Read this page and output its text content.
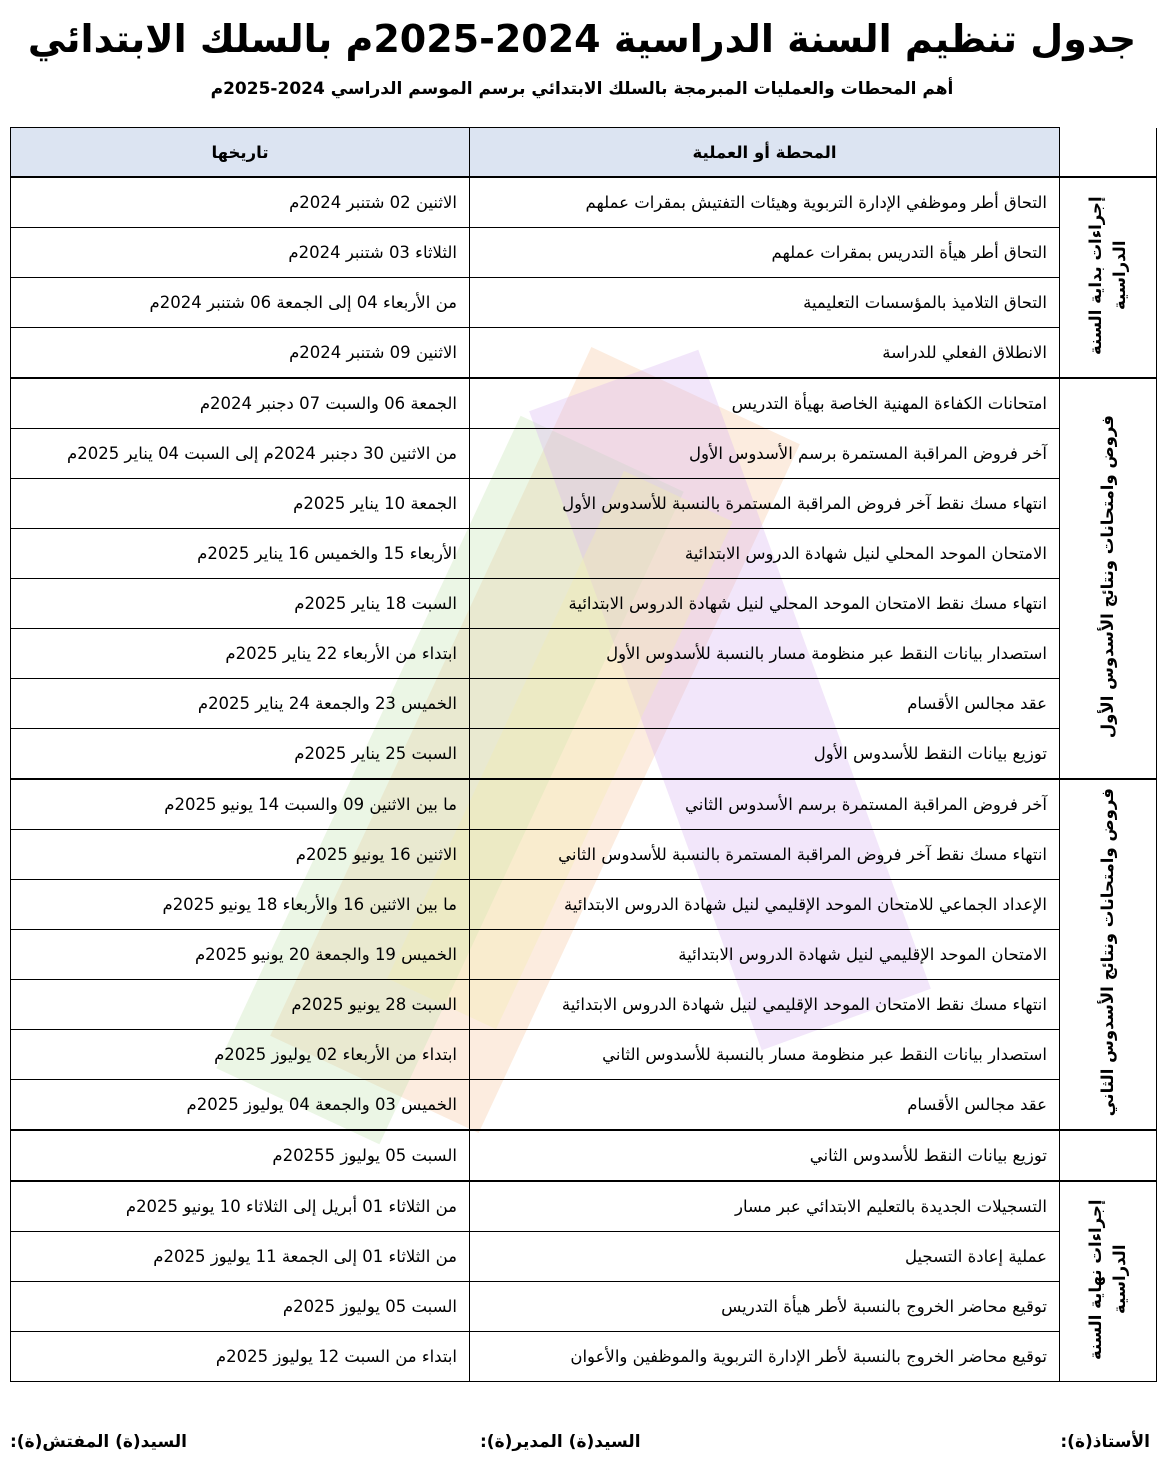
جدول تنظيم السنة الدراسية 2024-2025م بالسلك الابتدائي
أهم المحطات والعمليات المبرمجة بالسلك الابتدائي برسم الموسم الدراسي 2024-2025م
	المحطة أو العملية	تاريخها
إجراءات بداية السنة الدراسية	التحاق أطر وموظفي الإدارة التربوية وهيئات التفتيش بمقرات عملهم	الاثنين 02 شتنبر 2024م
	التحاق أطر هيأة التدريس بمقرات عملهم	الثلاثاء 03 شتنبر 2024م
	التحاق التلاميذ بالمؤسسات التعليمية	من الأربعاء 04 إلى الجمعة 06 شتنبر 2024م
	الانطلاق الفعلي للدراسة	الاثنين 09 شتنبر 2024م
فروض وامتحانات ونتائج الأسدوس الأول	امتحانات الكفاءة المهنية الخاصة بهيأة التدريس	الجمعة 06 والسبت 07 دجنبر 2024م
	آخر فروض المراقبة المستمرة برسم الأسدوس الأول	من الاثنين 30 دجنبر 2024م إلى السبت 04 يناير 2025م
	انتهاء مسك نقط آخر فروض المراقبة المستمرة بالنسبة للأسدوس الأول	الجمعة 10 يناير 2025م
	الامتحان الموحد المحلي لنيل شهادة الدروس الابتدائية	الأربعاء 15 والخميس 16 يناير 2025م
	انتهاء مسك نقط الامتحان الموحد المحلي لنيل شهادة الدروس الابتدائية	السبت 18 يناير 2025م
	استصدار بيانات النقط عبر منظومة مسار بالنسبة للأسدوس الأول	ابتداء من الأربعاء 22 يناير 2025م
	عقد مجالس الأقسام	الخميس 23 والجمعة 24 يناير 2025م
	توزيع بيانات النقط للأسدوس الأول	السبت 25 يناير 2025م
فروض وامتحانات ونتائج الأسدوس الثاني	آخر فروض المراقبة المستمرة برسم الأسدوس الثاني	ما بين الاثنين 09 والسبت 14 يونيو 2025م
	انتهاء مسك نقط آخر فروض المراقبة المستمرة بالنسبة للأسدوس الثاني	الاثنين 16 يونيو 2025م
	الإعداد الجماعي للامتحان الموحد الإقليمي لنيل شهادة الدروس الابتدائية	ما بين الاثنين 16 والأربعاء 18 يونيو 2025م
	الامتحان الموحد الإقليمي لنيل شهادة الدروس الابتدائية	الخميس 19 والجمعة 20 يونيو 2025م
	انتهاء مسك نقط الامتحان الموحد الإقليمي لنيل شهادة الدروس الابتدائية	السبت 28 يونيو 2025م
	استصدار بيانات النقط عبر منظومة مسار بالنسبة للأسدوس الثاني	ابتداء من الأربعاء 02 يوليوز 2025م
	عقد مجالس الأقسام	الخميس 03 والجمعة 04 يوليوز 2025م
	توزيع بيانات النقط للأسدوس الثاني	السبت 05 يوليوز 20255م
إجراءات نهاية السنة الدراسية	التسجيلات الجديدة بالتعليم الابتدائي عبر مسار	من الثلاثاء 01 أبريل إلى الثلاثاء 10 يونيو 2025م
	عملية إعادة التسجيل	من الثلاثاء 01 إلى الجمعة 11 يوليوز 2025م
	توقيع محاضر الخروج بالنسبة لأطر هيأة التدريس	السبت 05 يوليوز 2025م
	توقيع محاضر الخروج بالنسبة لأطر الإدارة التربوية والموظفين والأعوان	ابتداء من السبت 12 يوليوز 2025م
الأستاذ(ة):
السيد(ة) المدير(ة):
السيد(ة) المفتش(ة):
